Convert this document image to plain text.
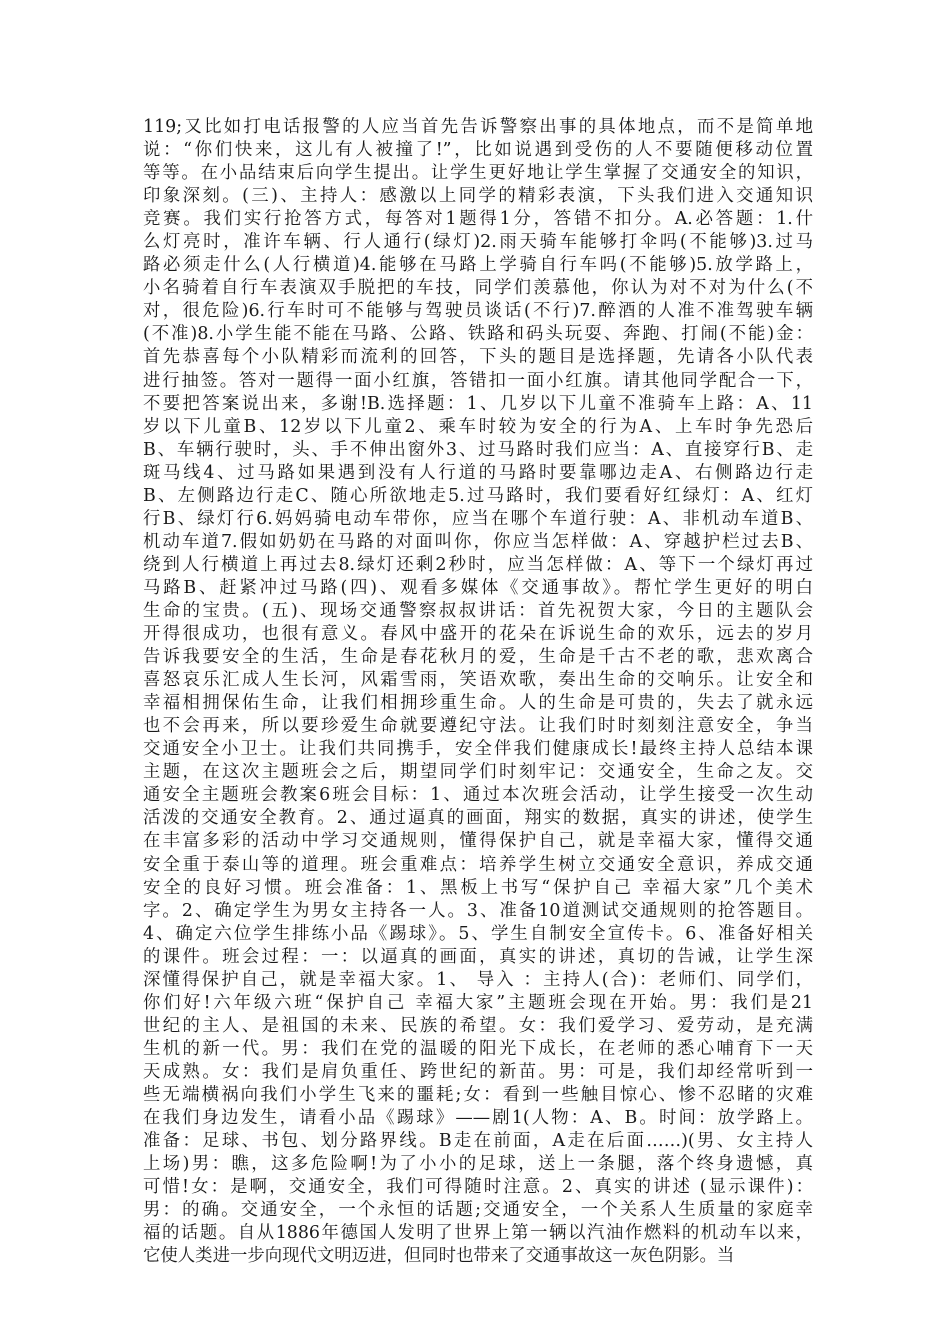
119;又比如打电话报警的人应当首先告诉警察出事的具体地点，而不是简单地
说：“你们快来，这儿有人被撞了!”，比如说遇到受伤的人不要随便移动位置
等等。在小品结束后向学生提出。让学生更好地让学生掌握了交通安全的知识，
印象深刻。(三)、主持人：感激以上同学的精彩表演，下头我们进入交通知识
竞赛。我们实行抢答方式，每答对1题得1分，答错不扣分。A.必答题：1.什
么灯亮时，准许车辆、行人通行(绿灯)2.雨天骑车能够打伞吗(不能够)3.过马
路必须走什么(人行横道)4.能够在马路上学骑自行车吗(不能够)5.放学路上，
小名骑着自行车表演双手脱把的车技，同学们羡慕他，你认为对不对为什么(不
对，很危险)6.行车时可不能够与驾驶员谈话(不行)7.醉酒的人准不准驾驶车辆
(不准)8.小学生能不能在马路、公路、铁路和码头玩耍、奔跑、打闹(不能)金：
首先恭喜每个小队精彩而流利的回答，下头的题目是选择题，先请各小队代表
进行抽签。答对一题得一面小红旗，答错扣一面小红旗。请其他同学配合一下，
不要把答案说出来，多谢!B.选择题：1、几岁以下儿童不准骑车上路：A、11
岁以下儿童B、12岁以下儿童2、乘车时较为安全的行为A、上车时争先恐后
B、车辆行驶时，头、手不伸出窗外3、过马路时我们应当：A、直接穿行B、走
斑马线4、过马路如果遇到没有人行道的马路时要靠哪边走A、右侧路边行走
B、左侧路边行走C、随心所欲地走5.过马路时，我们要看好红绿灯：A、红灯
行B、绿灯行6.妈妈骑电动车带你，应当在哪个车道行驶：A、非机动车道B、
机动车道7.假如奶奶在马路的对面叫你，你应当怎样做：A、穿越护栏过去B、
绕到人行横道上再过去8.绿灯还剩2秒时，应当怎样做：A、等下一个绿灯再过
马路B、赶紧冲过马路(四)、观看多媒体《交通事故》。帮忙学生更好的明白
生命的宝贵。(五)、现场交通警察叔叔讲话：首先祝贺大家，今日的主题队会
开得很成功，也很有意义。春风中盛开的花朵在诉说生命的欢乐，远去的岁月
告诉我要安全的生活，生命是春花秋月的爱，生命是千古不老的歌，悲欢离合
喜怒哀乐汇成人生长河，风霜雪雨，笑语欢歌，奏出生命的交响乐。让安全和
幸福相拥保佑生命，让我们相拥珍重生命。人的生命是可贵的，失去了就永远
也不会再来，所以要珍爱生命就要遵纪守法。让我们时时刻刻注意安全，争当
交通安全小卫士。让我们共同携手，安全伴我们健康成长!最终主持人总结本课
主题，在这次主题班会之后，期望同学们时刻牢记：交通安全，生命之友。交
通安全主题班会教案6班会目标：1、通过本次班会活动，让学生接受一次生动
活泼的交通安全教育。2、通过逼真的画面，翔实的数据，真实的讲述，使学生
在丰富多彩的活动中学习交通规则，懂得保护自己，就是幸福大家，懂得交通
安全重于泰山等的道理。班会重难点：培养学生树立交通安全意识，养成交通
安全的良好习惯。班会准备：1、黑板上书写“保护自己 幸福大家”几个美术
字。2、确定学生为男女主持各一人。3、准备10道测试交通规则的抢答题目。
4、确定六位学生排练小品《踢球》。5、学生自制安全宣传卡。6、准备好相关
的课件。班会过程：一：以逼真的画面，真实的讲述，真切的告诫，让学生深
深懂得保护自己，就是幸福大家。1、 导入 ：主持人(合)：老师们、同学们，
你们好!六年级六班“保护自己 幸福大家”主题班会现在开始。男：我们是21
世纪的主人、是祖国的未来、民族的希望。女：我们爱学习、爱劳动，是充满
生机的新一代。男：我们在党的温暖的阳光下成长，在老师的悉心哺育下一天
天成熟。女：我们是肩负重任、跨世纪的新苗。男：可是，我们却经常听到一
些无端横祸向我们小学生飞来的噩耗;女：看到一些触目惊心、惨不忍睹的灾难
在我们身边发生，请看小品《踢球》——剧1(人物：A、B。时间：放学路上。
准备：足球、书包、划分路界线。B走在前面，A走在后面……)(男、女主持人
上场)男：瞧，这多危险啊!为了小小的足球，送上一条腿，落个终身遗憾，真
可惜!女：是啊，交通安全，我们可得随时注意。2、真实的讲述 (显示课件)：
男：的确。交通安全，一个永恒的话题;交通安全，一个关系人生质量的家庭幸
福的话题。自从1886年德国人发明了世界上第一辆以汽油作燃料的机动车以来，
它使人类进一步向现代文明迈进，但同时也带来了交通事故这一灰色阴影。当
